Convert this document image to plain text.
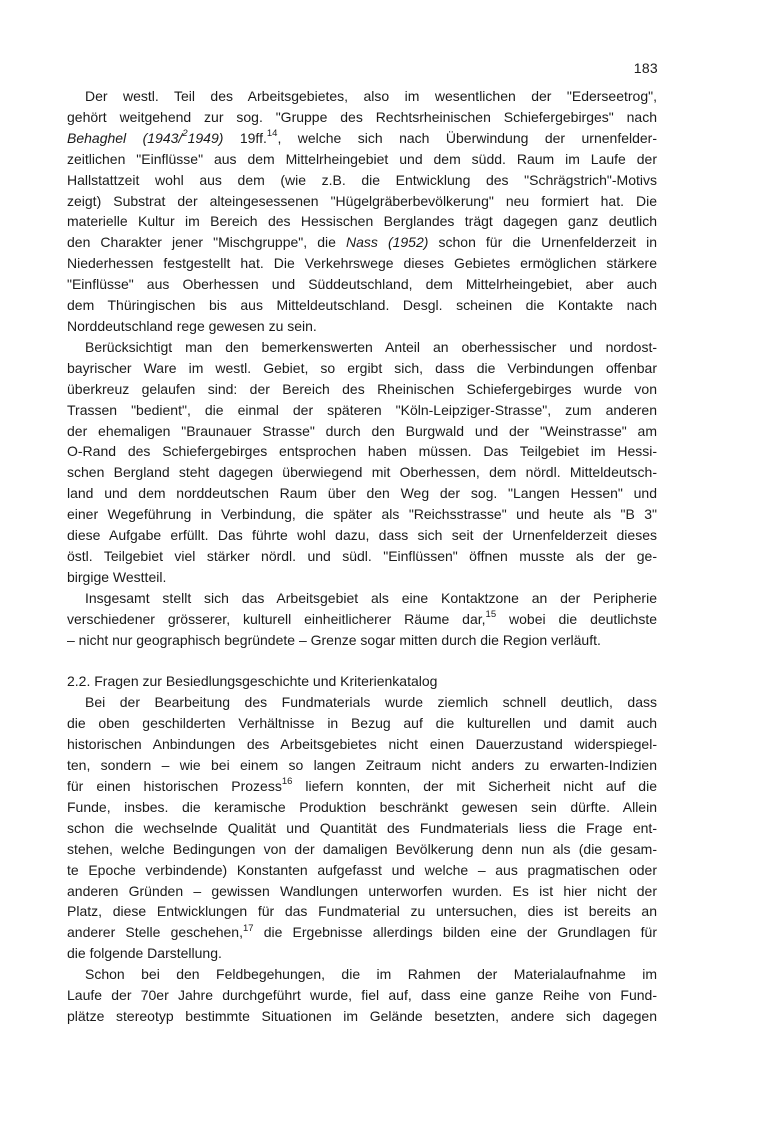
183
Der westl. Teil des Arbeitsgebietes, also im wesentlichen der "Ederseetrog",
gehört weitgehend zur sog. "Gruppe des Rechtsrheinischen Schiefergebirges" nach
Behaghel (1943/$^2$1949) 19ff.$^{14}$, welche sich nach Überwindung der urnenfelder-
zeitlichen "Einflüsse" aus dem Mittelrheingebiet und dem südd. Raum im Laufe der
Hallstattzeit wohl aus dem (wie z.B. die Entwicklung des "Schrägstrich"-Motivs
zeigt) Substrat der alteingesessenen "Hügelgräberbevölkerung" neu formiert hat. Die
materielle Kultur im Bereich des Hessischen Berglandes trägt dagegen ganz deutlich
den Charakter jener "Mischgruppe", die Nass (1952) schon für die Urnenfelderzeit in
Niederhessen festgestellt hat. Die Verkehrswege dieses Gebietes ermöglichen stärkere
"Einflüsse" aus Oberhessen und Süddeutschland, dem Mittelrheingebiet, aber auch
dem Thüringischen bis aus Mitteldeutschland. Desgl. scheinen die Kontakte nach
Norddeutschland rege gewesen zu sein.
Berücksichtigt man den bemerkenswerten Anteil an oberhessischer und nordost-
bayrischer Ware im westl. Gebiet, so ergibt sich, dass die Verbindungen offenbar
überkreuz gelaufen sind: der Bereich des Rheinischen Schiefergebirges wurde von
Trassen "bedient", die einmal der späteren "Köln-Leipziger-Strasse", zum anderen
der ehemaligen "Braunauer Strasse" durch den Burgwald und der "Weinstrasse" am
O-Rand des Schiefergebirges entsprochen haben müssen. Das Teilgebiet im Hessi-
schen Bergland steht dagegen überwiegend mit Oberhessen, dem nördl. Mitteldeutsch-
land und dem norddeutschen Raum über den Weg der sog. "Langen Hessen" und
einer Wegeführung in Verbindung, die später als "Reichsstrasse" und heute als "B 3"
diese Aufgabe erfüllt. Das führte wohl dazu, dass sich seit der Urnenfelderzeit dieses
östl. Teilgebiet viel stärker nördl. und südl. "Einflüssen" öffnen musste als der ge-
birgige Westteil.
Insgesamt stellt sich das Arbeitsgebiet als eine Kontaktzone an der Peripherie
verschiedener grösserer, kulturell einheitlicherer Räume dar,$^{15}$ wobei die deutlichste
– nicht nur geographisch begründete – Grenze sogar mitten durch die Region verläuft.
2.2. Fragen zur Besiedlungsgeschichte und Kriterienkatalog
Bei der Bearbeitung des Fundmaterials wurde ziemlich schnell deutlich, dass
die oben geschilderten Verhältnisse in Bezug auf die kulturellen und damit auch
historischen Anbindungen des Arbeitsgebietes nicht einen Dauerzustand widerspiegel-
ten, sondern – wie bei einem so langen Zeitraum nicht anders zu erwarten-Indizien
für einen historischen Prozess$^{16}$ liefern konnten, der mit Sicherheit nicht auf die
Funde, insbes. die keramische Produktion beschränkt gewesen sein dürfte. Allein
schon die wechselnde Qualität und Quantität des Fundmaterials liess die Frage ent-
stehen, welche Bedingungen von der damaligen Bevölkerung denn nun als (die gesam-
te Epoche verbindende) Konstanten aufgefasst und welche – aus pragmatischen oder
anderen Gründen – gewissen Wandlungen unterworfen wurden. Es ist hier nicht der
Platz, diese Entwicklungen für das Fundmaterial zu untersuchen, dies ist bereits an
anderer Stelle geschehen,$^{17}$ die Ergebnisse allerdings bilden eine der Grundlagen für
die folgende Darstellung.
Schon bei den Feldbegehungen, die im Rahmen der Materialaufnahme im
Laufe der 70er Jahre durchgeführt wurde, fiel auf, dass eine ganze Reihe von Fund-
plätze stereotyp bestimmte Situationen im Gelände besetzten, andere sich dagegen
